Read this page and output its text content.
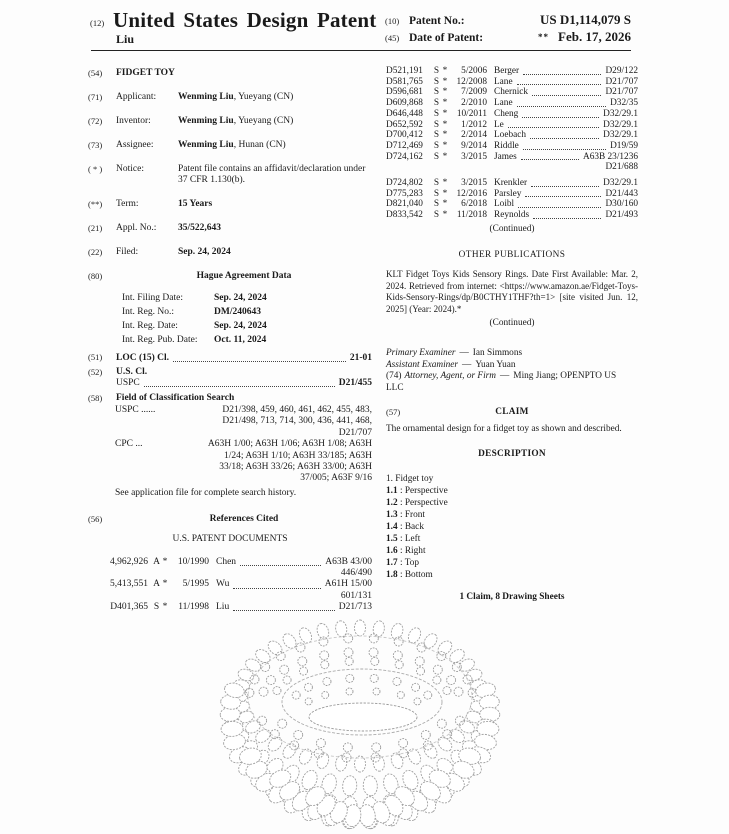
(12) United States Design Patent
Liu
(10) Patent No.:	US D1,114,079 S
(45) Date of Patent:	** Feb. 17, 2026
(54)	FIDGET TOY
(71)	Applicant:	Wenming Liu, Yueyang (CN)
(72)	Inventor:	Wenming Liu, Yueyang (CN)
(73)	Assignee:	Wenming Liu, Hunan (CN)
( * )	Notice:	Patent file contains an affidavit/declaration under 37 CFR 1.130(b).
(**)	Term:	15 Years
(21)	Appl. No.:	35/522,643
(22)	Filed:	Sep. 24, 2024
(80)	Hague Agreement Data
Int. Filing Date:	Sep. 24, 2024
Int. Reg. No.:	DM/240643
Int. Reg. Date:	Sep. 24, 2024
Int. Reg. Pub. Date:	Oct. 11, 2024
(51)	LOC (15) Cl.	21-01
(52)	U.S. Cl.
USPC	D21/455
(58)	Field of Classification Search
USPC ......	D21/398, 459, 460, 461, 462, 455, 483,
D21/498, 713, 714, 300, 436, 441, 468,
D21/707
CPC ...	A63H 1/00; A63H 1/06; A63H 1/08; A63H
1/24; A63H 1/10; A63H 33/185; A63H
33/18; A63H 33/26; A63H 33/00; A63H
37/005; A63F 9/16
See application file for complete search history.
(56)	References Cited
U.S. PATENT DOCUMENTS
4,962,926 A *	10/1990 Chen	A63B 43/00
446/490
5,413,551 A *	5/1995 Wu	A61H 15/00
601/131
D401,365 S *	11/1998 Liu	D21/713
D521,191	S *	5/2006 Berger	D29/122
D581,765	S * 12/2008 Lane	D21/707
D596,681	S *	7/2009 Chernick	D21/707
D609,868	S *	2/2010 Lane	D32/35
D646,448	S *	10/2011 Cheng	D32/29.1
D652,592	S *	1/2012 Le	D32/29.1
D700,412	S *	2/2014 Loebach	D32/29.1
D712,469	S *	9/2014 Riddle	D19/59
D724,162	S *	3/2015 James	A63B 23/1236
D21/688
D724,802	S *	3/2015 Krenkler	D32/29.1
D775,283	S * 12/2016 Parsley	D21/443
D821,040	S *	6/2018 Loibl	D30/160
D833,542	S *	11/2018 Reynolds	D21/493
(Continued)
OTHER PUBLICATIONS
KLT Fidget Toys Kids Sensory Rings. Date First Available: Mar. 2, 2024. Retrieved from internet: <https://www.amazon.ae/Fidget-Toys-Kids-Sensory-Rings/dp/B0CTHY1THF?th=1> [site visited Jun. 12, 2025] (Year: 2024).*
(Continued)
Primary Examiner — Ian Simmons
Assistant Examiner — Yuan Yuan
(74) Attorney, Agent, or Firm — Ming Jiang; OPENPTO US LLC
(57)	CLAIM
The ornamental design for a fidget toy as shown and described.
DESCRIPTION
1. Fidget toy
1.1 : Perspective
1.2 : Perspective
1.3 : Front
1.4 : Back
1.5 : Left
1.6 : Right
1.7 : Top
1.8 : Bottom
1 Claim, 8 Drawing Sheets
